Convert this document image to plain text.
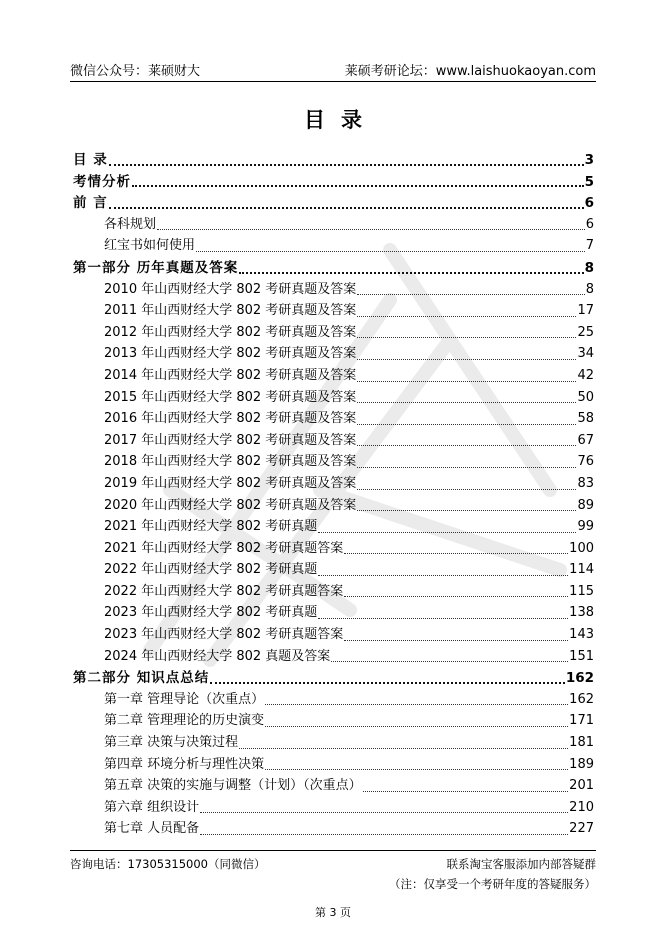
微信公众号：莱硕财大	莱硕考研论坛：www.laishuokaoyan.com
目录
目 录	3
考情分析	5
前 言	6
各科规划	6
红宝书如何使用	7
第一部分 历年真题及答案	8
2010 年山西财经大学 802 考研真题及答案	8
2011 年山西财经大学 802 考研真题及答案	17
2012 年山西财经大学 802 考研真题及答案	25
2013 年山西财经大学 802 考研真题及答案	34
2014 年山西财经大学 802 考研真题及答案	42
2015 年山西财经大学 802 考研真题及答案	50
2016 年山西财经大学 802 考研真题及答案	58
2017 年山西财经大学 802 考研真题及答案	67
2018 年山西财经大学 802 考研真题及答案	76
2019 年山西财经大学 802 考研真题及答案	83
2020 年山西财经大学 802 考研真题及答案	89
2021 年山西财经大学 802 考研真题	99
2021 年山西财经大学 802 考研真题答案	100
2022 年山西财经大学 802 考研真题	114
2022 年山西财经大学 802 考研真题答案	115
2023 年山西财经大学 802 考研真题	138
2023 年山西财经大学 802 考研真题答案	143
2024 年山西财经大学 802 真题及答案	151
第二部分 知识点总结	162
第一章 管理导论（次重点）	162
第二章 管理理论的历史演变	171
第三章 决策与决策过程	181
第四章 环境分析与理性决策	189
第五章 决策的实施与调整（计划）（次重点）	201
第六章 组织设计	210
第七章 人员配备	227
咨询电话：17305315000（同微信）	联系淘宝客服添加内部答疑群
（注：仅享受一个考研年度的答疑服务）
第 3 页
